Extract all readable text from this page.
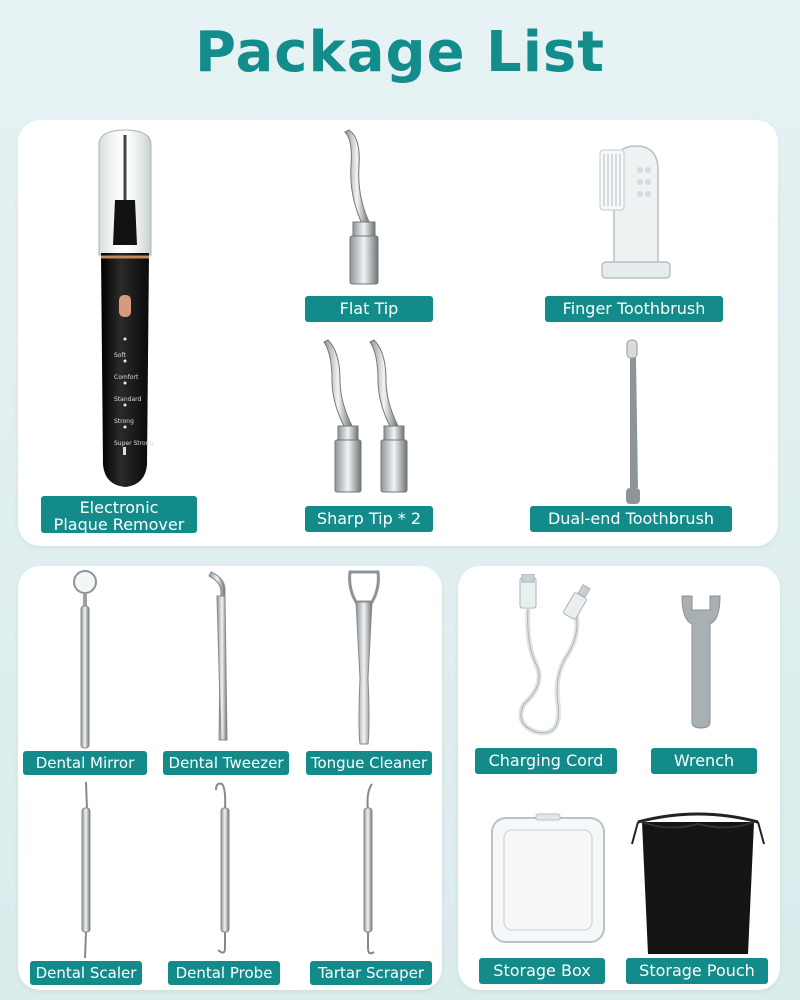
Package List
Soft
Comfort
Standard
Strong
Super Strong
Electronic
Plaque Remover
Flat Tip	Finger Toothbrush
Sharp Tip * 2	Dual-end Toothbrush
Dental Mirror	Dental Tweezer	Tongue Cleaner
Dental Scaler	Dental Probe	Tartar Scraper
Charging Cord	Wrench
Storage Box	Storage Pouch
